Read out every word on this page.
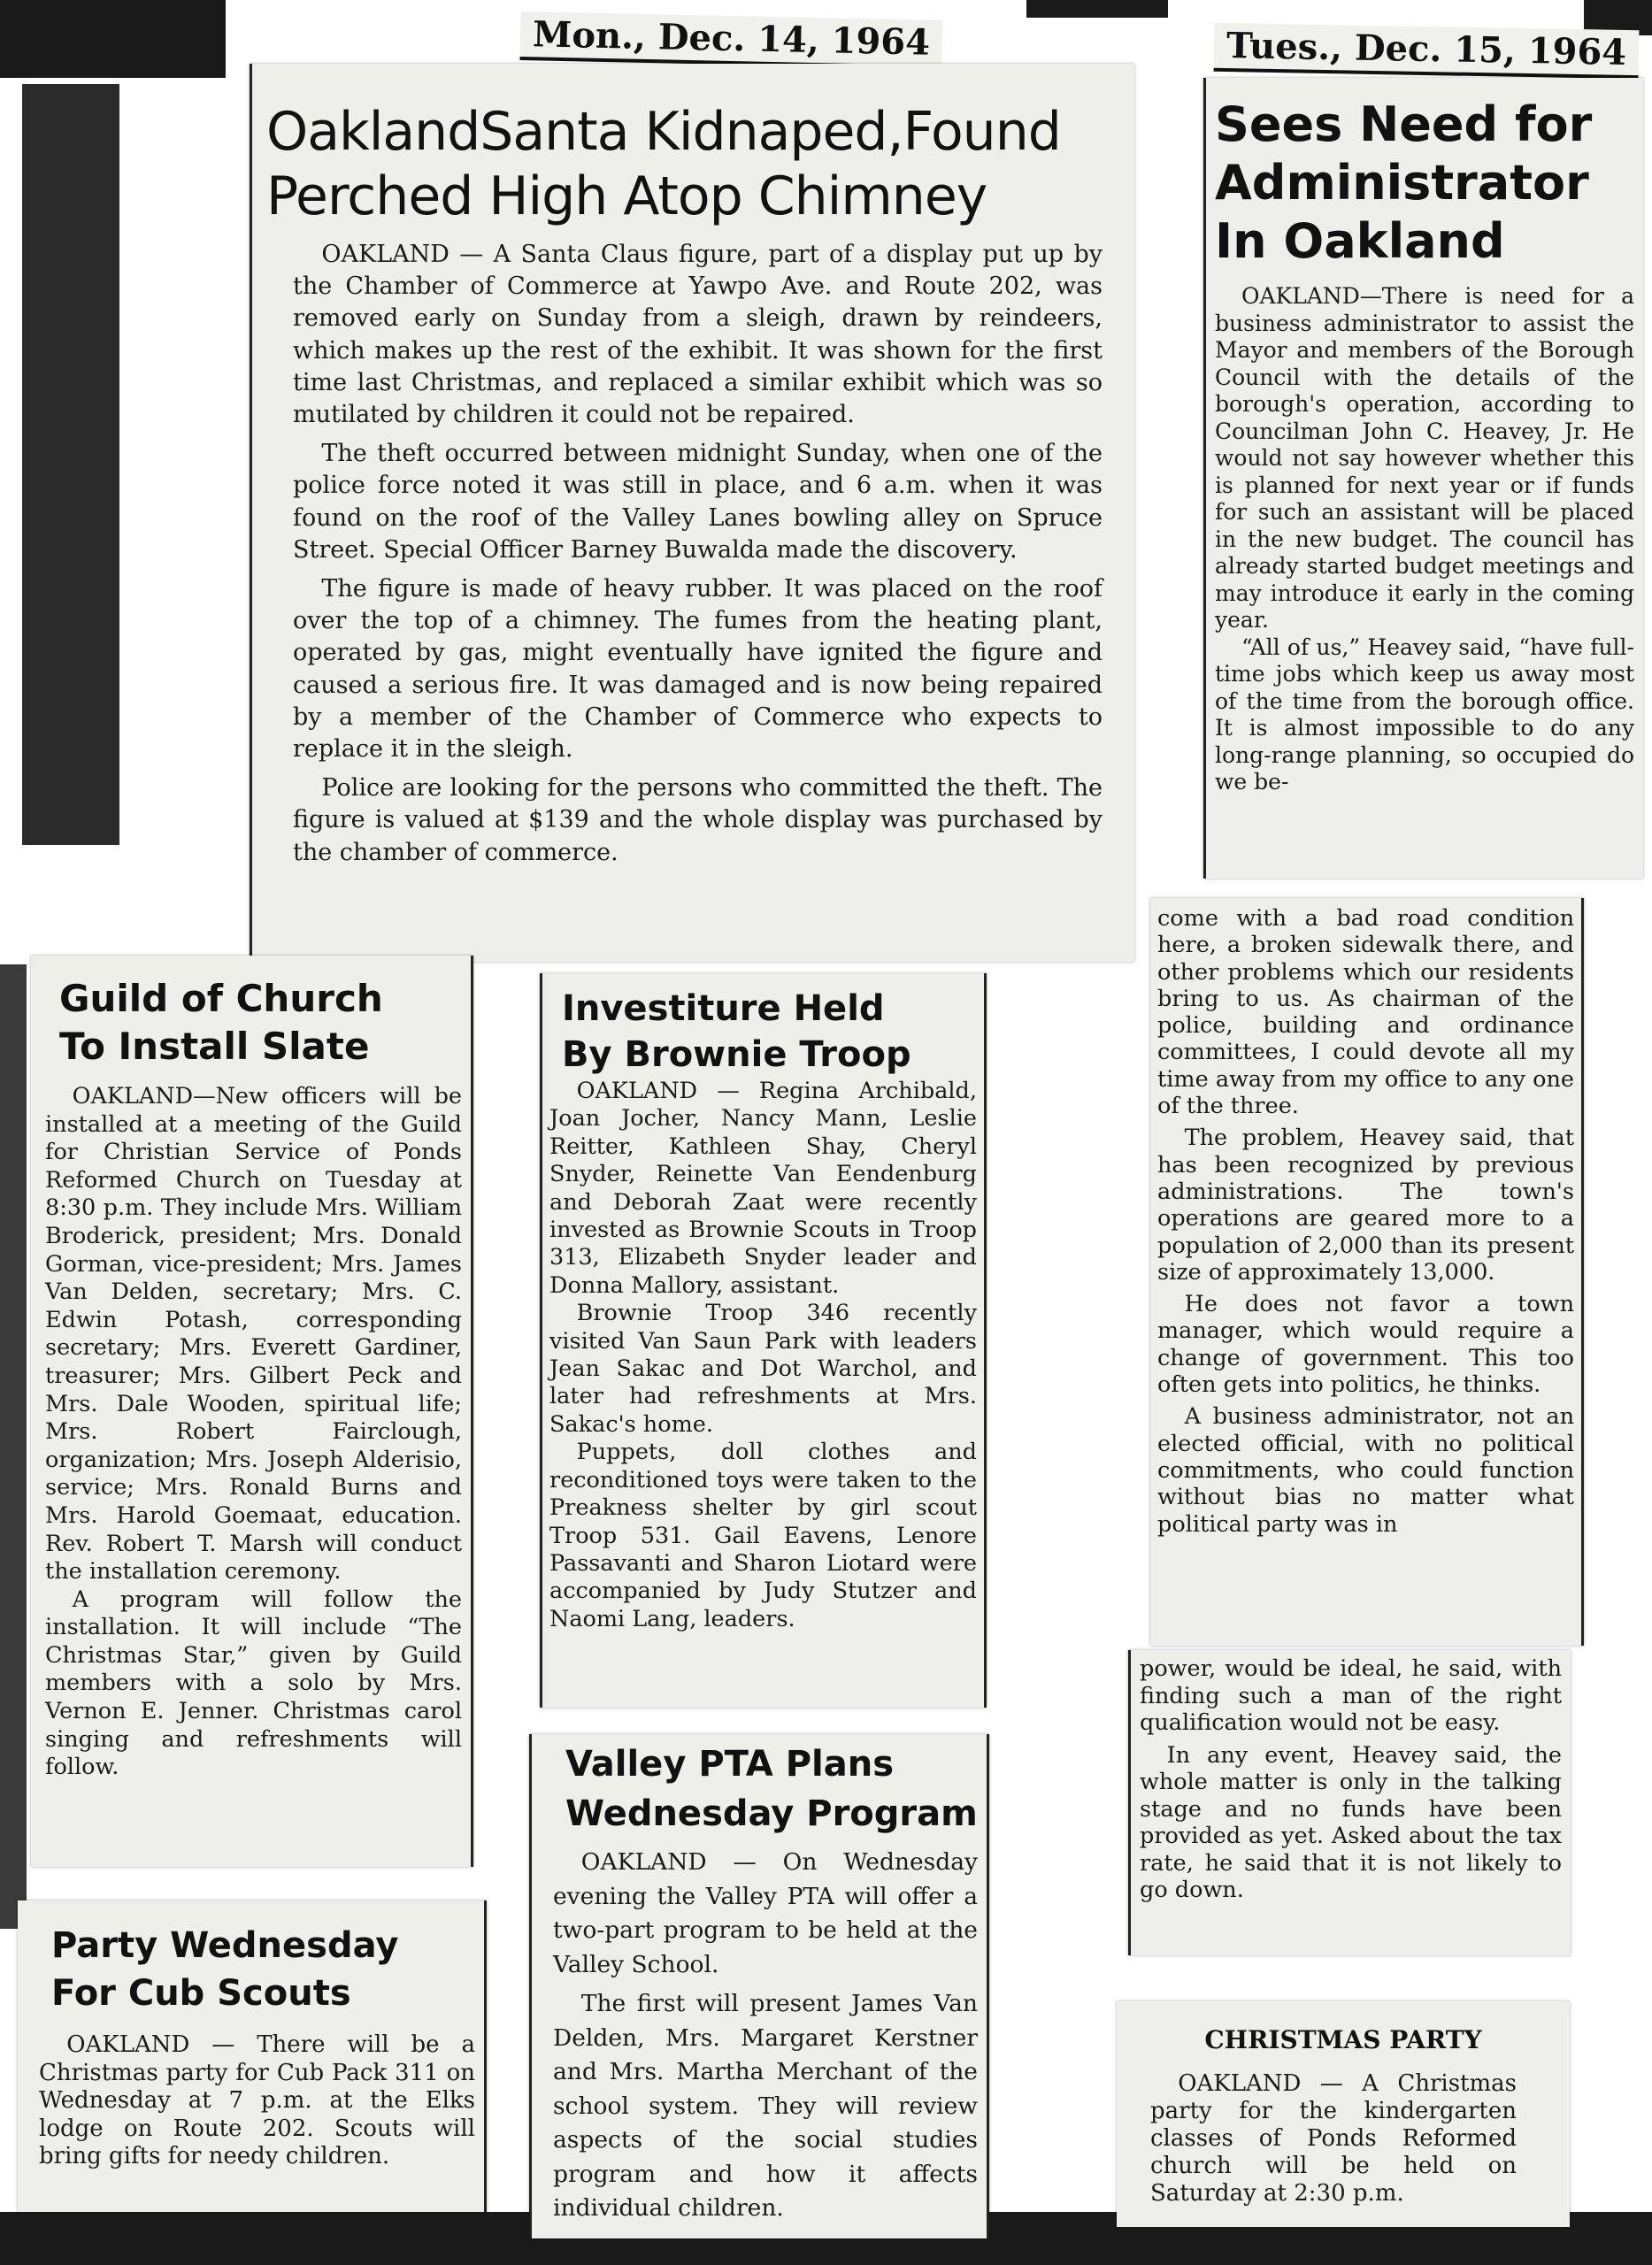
Mon., Dec. 14, 1964	Tues., Dec. 15, 1964
OaklandSanta Kidnaped,Found
Perched High Atop Chimney

OAKLAND — A Santa Claus figure, part of a display put up by the Chamber of Commerce at Yawpo Ave. and Route 202, was removed early on Sunday from a sleigh, drawn by reindeers, which makes up the rest of the exhibit. It was shown for the first time last Christmas, and replaced a similar exhibit which was so mutilated by children it could not be repaired.

The theft occurred between midnight Sunday, when one of the police force noted it was still in place, and 6 a.m. when it was found on the roof of the Valley Lanes bowling alley on Spruce Street. Special Officer Barney Buwalda made the discovery.

The figure is made of heavy rubber. It was placed on the roof over the top of a chimney. The fumes from the heating plant, operated by gas, might eventually have ignited the figure and caused a serious fire. It was damaged and is now being repaired by a member of the Chamber of Commerce who expects to replace it in the sleigh.

Police are looking for the persons who committed the theft. The figure is valued at $139 and the whole display was purchased by the chamber of commerce.

Sees Need for
Administrator
In Oakland

OAKLAND—There is need for a business administrator to assist the Mayor and members of the Borough Council with the details of the borough's operation, according to Councilman John C. Heavey, Jr. He would not say however whether this is planned for next year or if funds for such an assistant will be placed in the new budget. The council has already started budget meetings and may introduce it early in the coming year.

“All of us,” Heavey said, “have full-time jobs which keep us away most of the time from the borough office. It is almost impossible to do any long-range planning, so occupied do we be-

come with a bad road condition here, a broken sidewalk there, and other problems which our residents bring to us. As chairman of the police, building and ordinance committees, I could devote all my time away from my office to any one of the three.

The problem, Heavey said, that has been recognized by previous administrations. The town's operations are geared more to a population of 2,000 than its present size of approximately 13,000.

He does not favor a town manager, which would require a change of government. This too often gets into politics, he thinks.

A business administrator, not an elected official, with no political commitments, who could function without bias no matter what political party was in

power, would be ideal, he said, with finding such a man of the right qualification would not be easy.

In any event, Heavey said, the whole matter is only in the talking stage and no funds have been provided as yet. Asked about the tax rate, he said that it is not likely to go down.

Guild of Church
To Install Slate

OAKLAND—New officers will be installed at a meeting of the Guild for Christian Service of Ponds Reformed Church on Tuesday at 8:30 p.m. They include Mrs. William Broderick, president; Mrs. Donald Gorman, vice-president; Mrs. James Van Delden, secretary; Mrs. C. Edwin Potash, corresponding secretary; Mrs. Everett Gardiner, treasurer; Mrs. Gilbert Peck and Mrs. Dale Wooden, spiritual life; Mrs. Robert Fairclough, organization; Mrs. Joseph Alderisio, service; Mrs. Ronald Burns and Mrs. Harold Goemaat, education. Rev. Robert T. Marsh will conduct the installation ceremony.

A program will follow the installation. It will include “The Christmas Star,” given by Guild members with a solo by Mrs. Vernon E. Jenner. Christmas carol singing and refreshments will follow.

Investiture Held
By Brownie Troop

OAKLAND — Regina Archibald, Joan Jocher, Nancy Mann, Leslie Reitter, Kathleen Shay, Cheryl Snyder, Reinette Van Eendenburg and Deborah Zaat were recently invested as Brownie Scouts in Troop 313, Elizabeth Snyder leader and Donna Mallory, assistant.

Brownie Troop 346 recently visited Van Saun Park with leaders Jean Sakac and Dot Warchol, and later had refreshments at Mrs. Sakac's home.

Puppets, doll clothes and reconditioned toys were taken to the Preakness shelter by girl scout Troop 531. Gail Eavens, Lenore Passavanti and Sharon Liotard were accompanied by Judy Stutzer and Naomi Lang, leaders.

Valley PTA Plans
Wednesday Program

OAKLAND — On Wednesday evening the Valley PTA will offer a two-part program to be held at the Valley School.

The first will present James Van Delden, Mrs. Margaret Kerstner and Mrs. Martha Merchant of the school system. They will review aspects of the social studies program and how it affects individual children.

Party Wednesday
For Cub Scouts

OAKLAND — There will be a Christmas party for Cub Pack 311 on Wednesday at 7 p.m. at the Elks lodge on Route 202. Scouts will bring gifts for needy children.

CHRISTMAS PARTY

OAKLAND — A Christmas party for the kindergarten classes of Ponds Reformed church will be held on Saturday at 2:30 p.m.
